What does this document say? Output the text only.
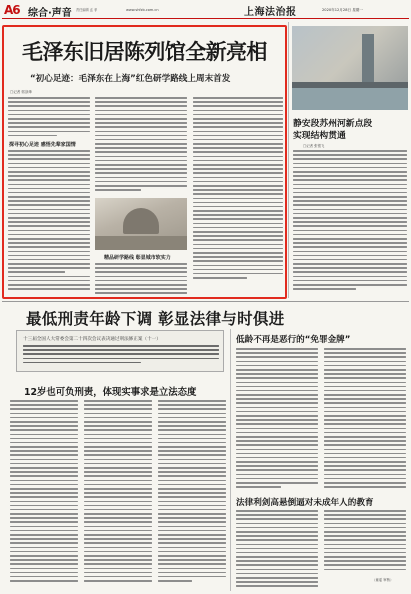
A6 综合·声音 责任编辑 孟 菲	www.shfzb.com.cn	上海法治报	2020年12月28日 星期一
毛泽东旧居陈列馆全新亮相
“初心足迹：毛泽东在上海”红色研学路线上周末首发
□记者 郭剑烽
探寻初心足迹 感悟先辈家国情
精品研学路线 彰显城市软实力
静安段苏州河新点段
实现结构贯通
□记者 张银飞
最低刑责年龄下调 彰显法律与时俱进
十三届全国人大常委会第二十四次会议表决通过刑法修正案（十一）
12岁也可负刑责，体现实事求是立法态度
低龄不再是恶行的“免罪金牌”
法律利剑高悬倒逼对未成年人的教育
（童谣 审核）
